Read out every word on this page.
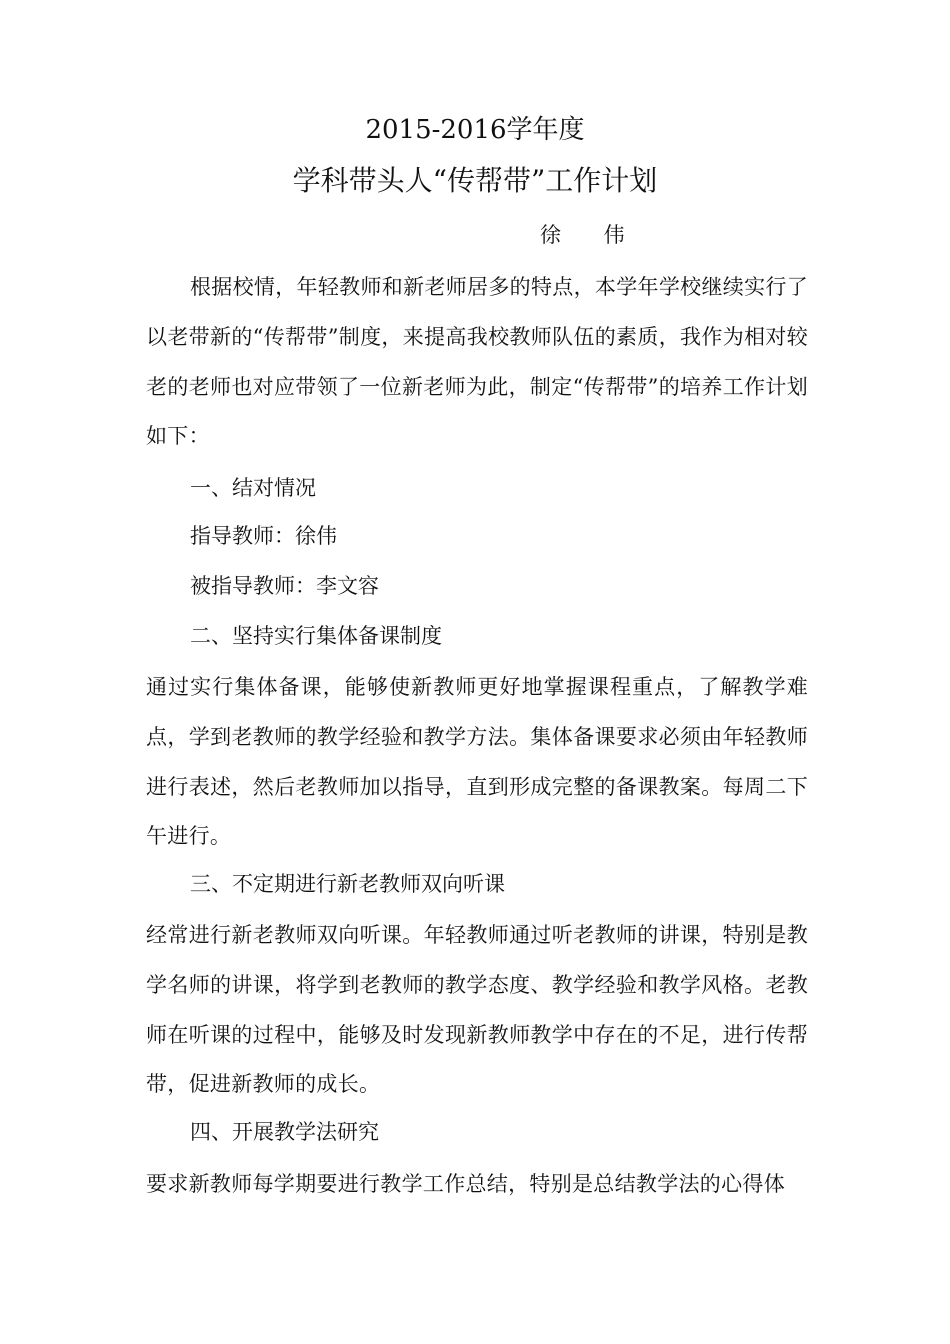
2015-2016学年度
学科带头人“传帮带”工作计划
徐 伟
根据校情，年轻教师和新老师居多的特点，本学年学校继续实行了以老带新的“传帮带”制度，来提高我校教师队伍的素质，我作为相对较老的老师也对应带领了一位新老师为此，制定“传帮带”的培养工作计划如下：
一、结对情况
指导教师：徐伟
被指导教师：李文容
二、坚持实行集体备课制度
通过实行集体备课，能够使新教师更好地掌握课程重点，了解教学难点，学到老教师的教学经验和教学方法。集体备课要求必须由年轻教师进行表述，然后老教师加以指导，直到形成完整的备课教案。每周二下午进行。
三、不定期进行新老教师双向听课
经常进行新老教师双向听课。年轻教师通过听老教师的讲课，特别是教学名师的讲课，将学到老教师的教学态度、教学经验和教学风格。老教师在听课的过程中，能够及时发现新教师教学中存在的不足，进行传帮带，促进新教师的成长。
四、开展教学法研究
要求新教师每学期要进行教学工作总结，特别是总结教学法的心得体
